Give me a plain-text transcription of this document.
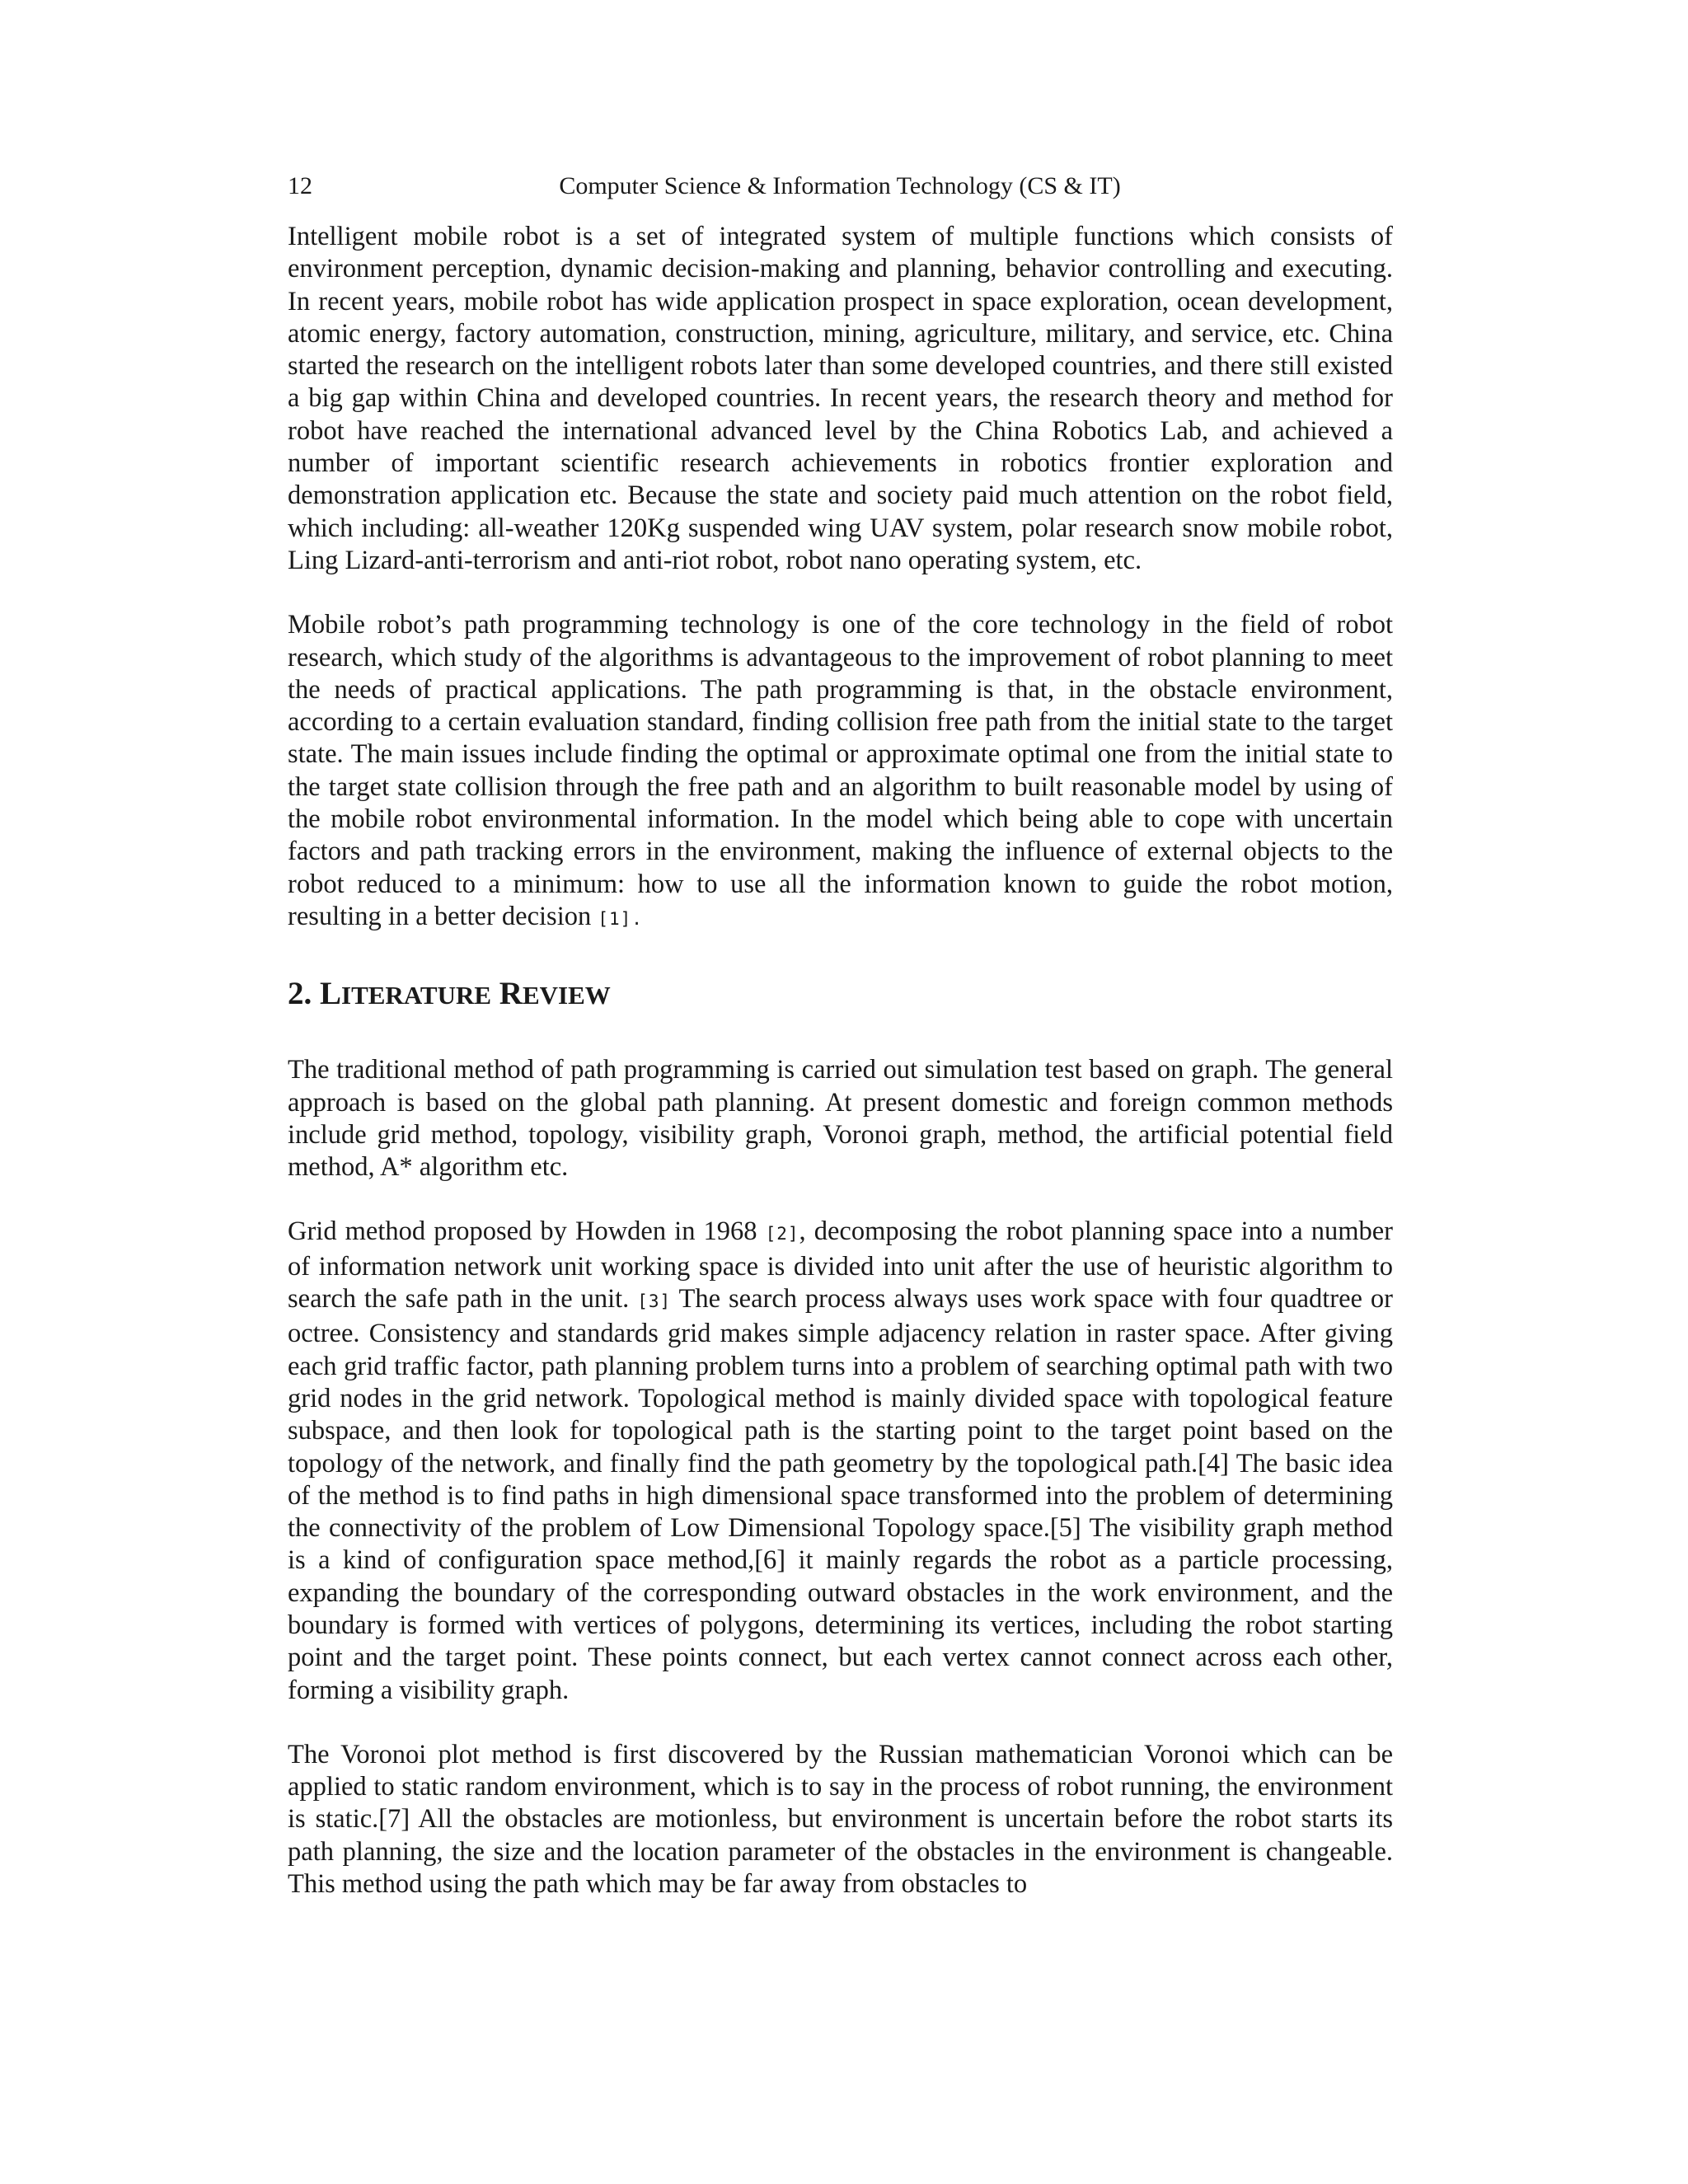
12	Computer Science & Information Technology (CS & IT)

Intelligent mobile robot is a set of integrated system of multiple functions which consists of environment perception, dynamic decision-making and planning, behavior controlling and executing. In recent years, mobile robot has wide application prospect in space exploration, ocean development, atomic energy, factory automation, construction, mining, agriculture, military, and service, etc. China started the research on the intelligent robots later than some developed countries, and there still existed a big gap within China and developed countries. In recent years, the research theory and method for robot have reached the international advanced level by the China Robotics Lab, and achieved a number of important scientific research achievements in robotics frontier exploration and demonstration application etc. Because the state and society paid much attention on the robot field, which including: all-weather 120Kg suspended wing UAV system, polar research snow mobile robot, Ling Lizard-anti-terrorism and anti-riot robot, robot nano operating system, etc.

Mobile robot’s path programming technology is one of the core technology in the field of robot research, which study of the algorithms is advantageous to the improvement of robot planning to meet the needs of practical applications. The path programming is that, in the obstacle environment, according to a certain evaluation standard, finding collision free path from the initial state to the target state. The main issues include finding the optimal or approximate optimal one from the initial state to the target state collision through the free path and an algorithm to built reasonable model by using of the mobile robot environmental information. In the model which being able to cope with uncertain factors and path tracking errors in the environment, making the influence of external objects to the robot reduced to a minimum: how to use all the information known to guide the robot motion, resulting in a better decision [1].

2. LITERATURE REVIEW

The traditional method of path programming is carried out simulation test based on graph. The general approach is based on the global path planning. At present domestic and foreign common methods include grid method, topology, visibility graph, Voronoi graph, method, the artificial potential field method, A* algorithm etc.

Grid method proposed by Howden in 1968 [2], decomposing the robot planning space into a number of information network unit working space is divided into unit after the use of heuristic algorithm to search the safe path in the unit. [3] The search process always uses work space with four quadtree or octree. Consistency and standards grid makes simple adjacency relation in raster space. After giving each grid traffic factor, path planning problem turns into a problem of searching optimal path with two grid nodes in the grid network. Topological method is mainly divided space with topological feature subspace, and then look for topological path is the starting point to the target point based on the topology of the network, and finally find the path geometry by the topological path.[4] The basic idea of the method is to find paths in high dimensional space transformed into the problem of determining the connectivity of the problem of Low Dimensional Topology space.[5] The visibility graph method is a kind of configuration space method,[6] it mainly regards the robot as a particle processing, expanding the boundary of the corresponding outward obstacles in the work environment, and the boundary is formed with vertices of polygons, determining its vertices, including the robot starting point and the target point. These points connect, but each vertex cannot connect across each other, forming a visibility graph.

The Voronoi plot method is first discovered by the Russian mathematician Voronoi which can be applied to static random environment, which is to say in the process of robot running, the environment is static.[7] All the obstacles are motionless, but environment is uncertain before the robot starts its path planning, the size and the location parameter of the obstacles in the environment is changeable. This method using the path which may be far away from obstacles to
